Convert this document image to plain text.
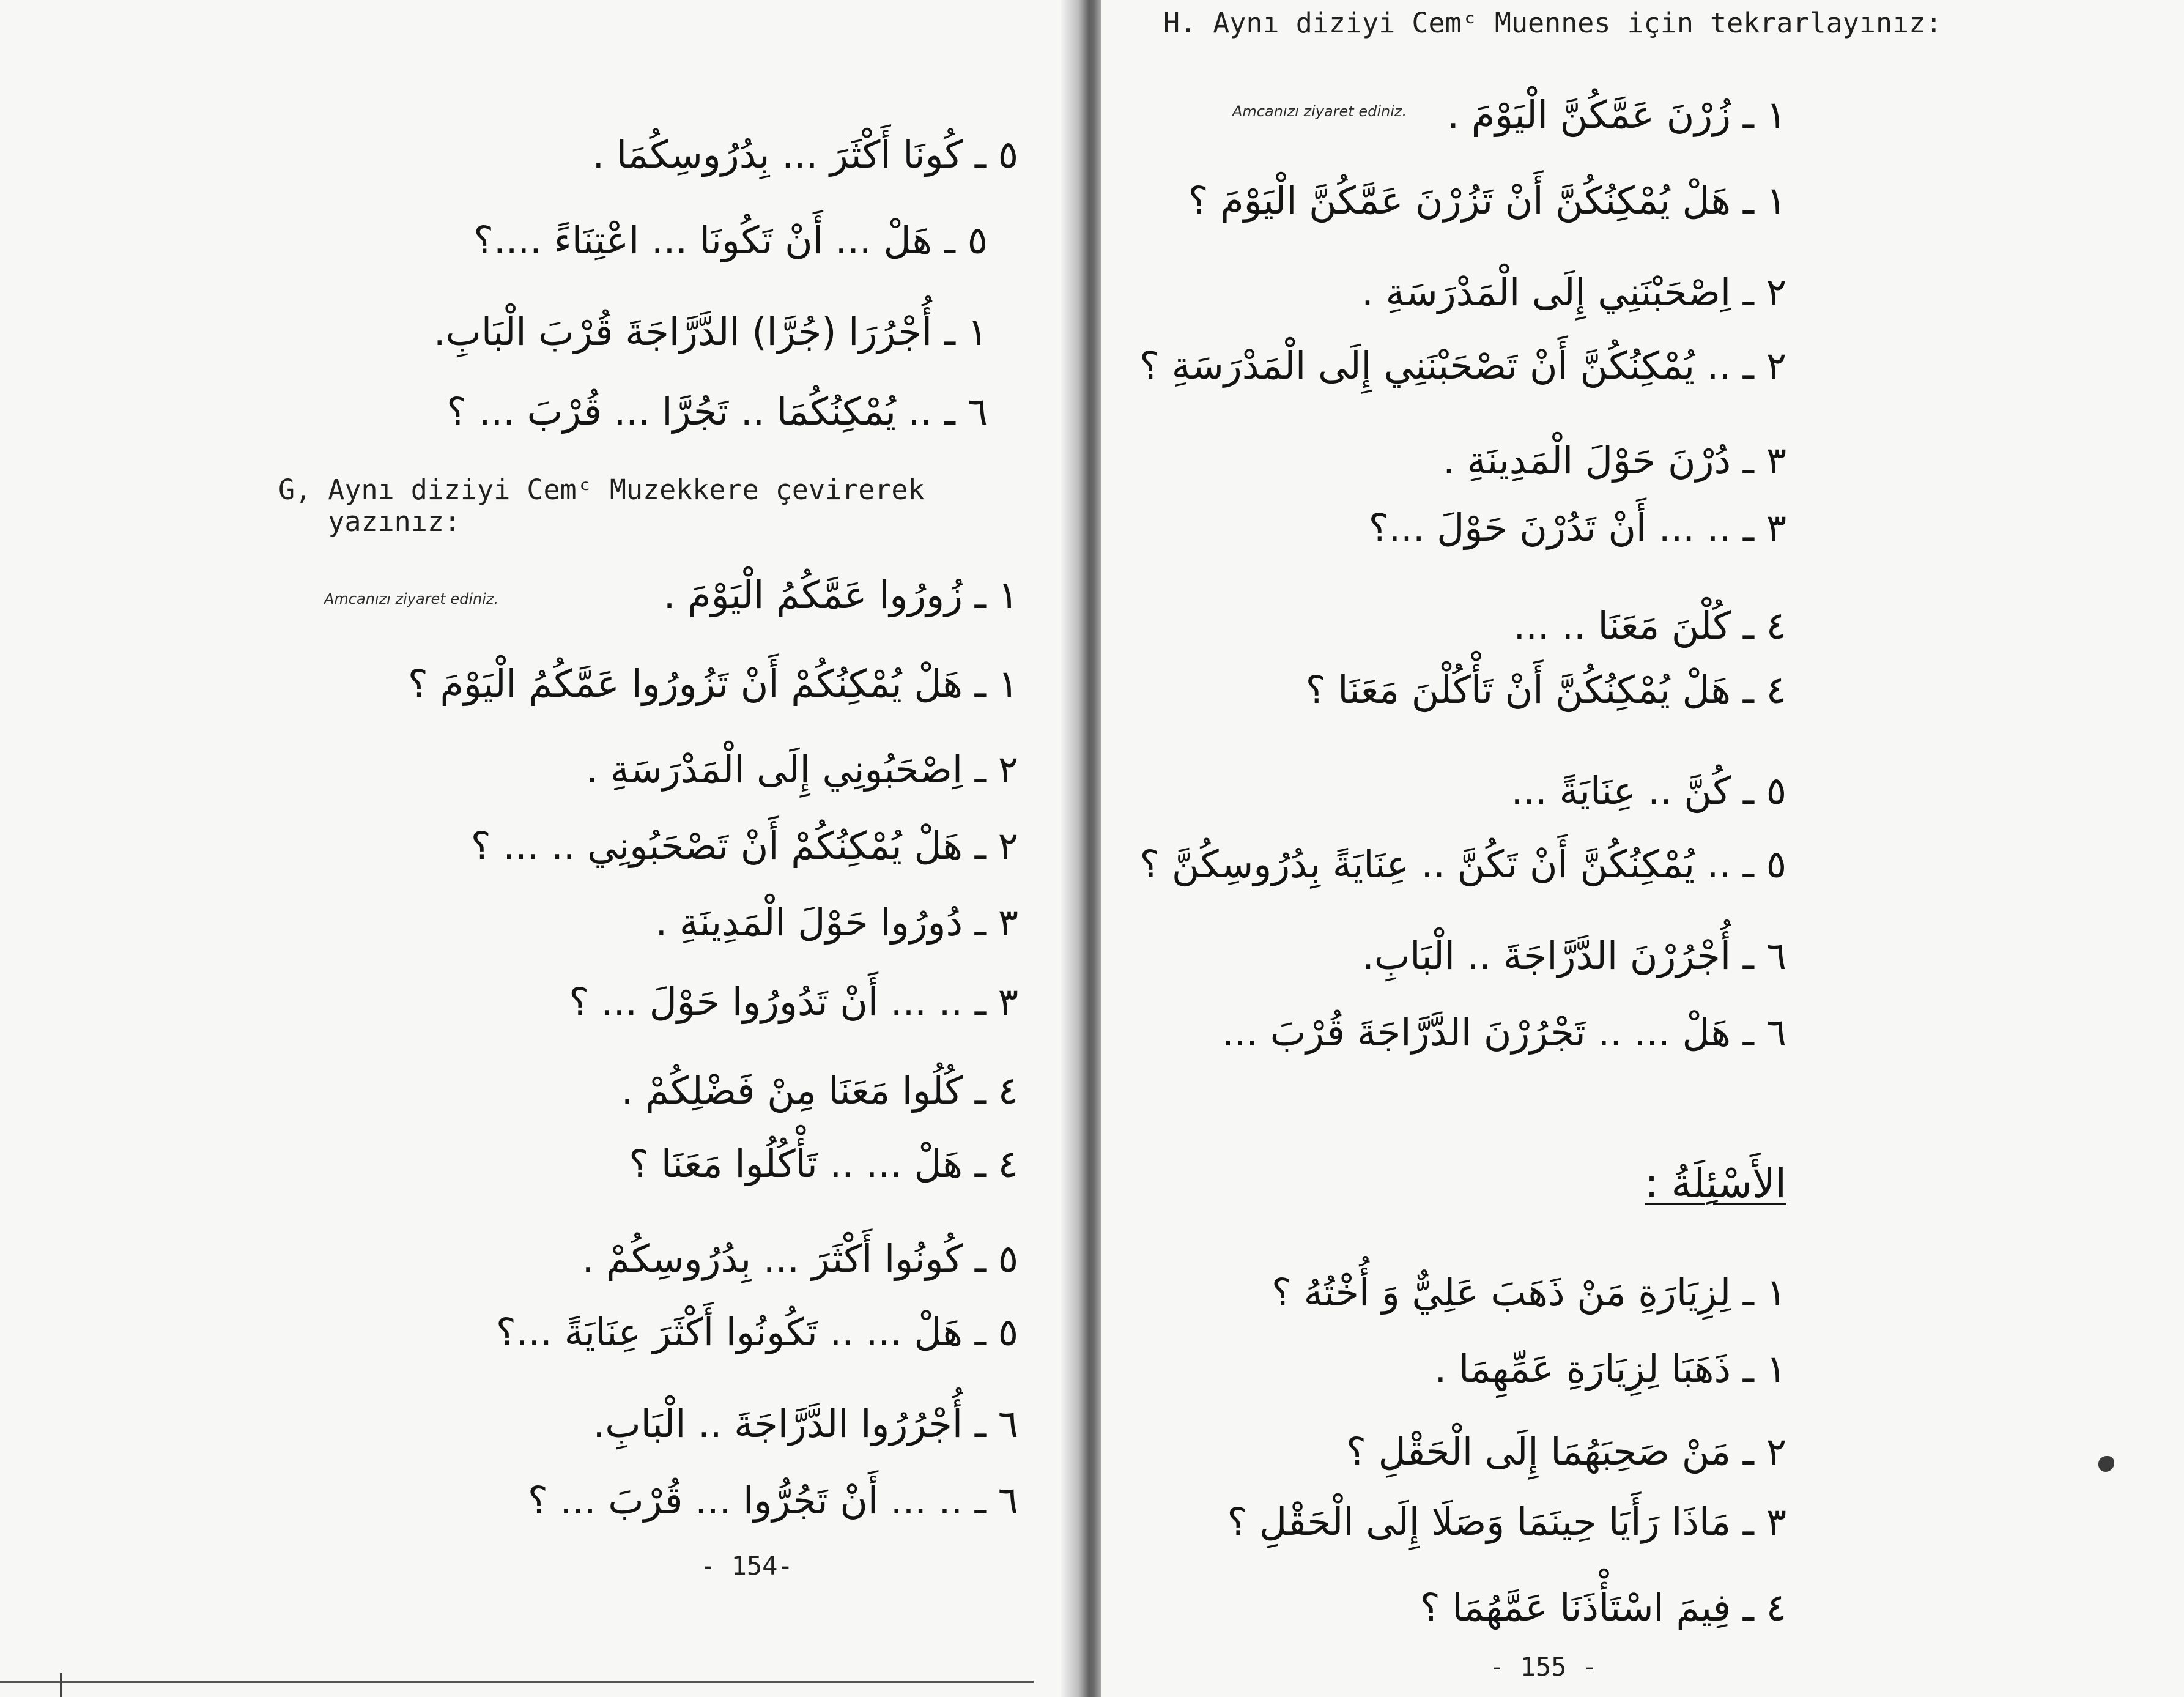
٥ ـ كُونَا أَكْثَرَ ... بِدُرُوسِكُمَا .
٥ ـ هَلْ ... أَنْ تَكُونَا ... اعْتِنَاءً ....؟
١ ـ أُجْرُرَا (جُرَّا) الدَّرَّاجَةَ قُرْبَ الْبَابِ.
٦ ـ .. يُمْكِنُكُمَا .. تَجُرَّا ... قُرْبَ ... ؟
G, Aynı diziyi Cemᶜ Muzekkere çevirerek
yazınız:
Amcanızı ziyaret ediniz.	١ ـ زُورُوا عَمَّكُمُ الْيَوْمَ .
١ ـ هَلْ يُمْكِنُكُمْ أَنْ تَزُورُوا عَمَّكُمُ الْيَوْمَ ؟
٢ ـ اِصْحَبُونِي إِلَى الْمَدْرَسَةِ .
٢ ـ هَلْ يُمْكِنُكُمْ أَنْ تَصْحَبُونِي .. ... ؟
٣ ـ دُورُوا حَوْلَ الْمَدِينَةِ .
٣ ـ .. ... أَنْ تَدُورُوا حَوْلَ ... ؟
٤ ـ كُلُوا مَعَنَا مِنْ فَضْلِكُمْ .
٤ ـ هَلْ ... .. تَأْكُلُوا مَعَنَا ؟
٥ ـ كُونُوا أَكْثَرَ ... بِدُرُوسِكُمْ .
٥ ـ هَلْ ... .. تَكُونُوا أَكْثَرَ عِنَايَةً ...؟
٦ ـ أُجْرُرُوا الدَّرَّاجَةَ .. الْبَابِ.
٦ ـ .. ... أَنْ تَجُرُّوا ... قُرْبَ ... ؟
- 154-
H. Aynı diziyi Cemᶜ Muennes için tekrarlayınız:
Amcanızı ziyaret ediniz. ١ ـ زُرْنَ عَمَّكُنَّ الْيَوْمَ .
١ ـ هَلْ يُمْكِنُكُنَّ أَنْ تَزُرْنَ عَمَّكُنَّ الْيَوْمَ ؟
٢ ـ اِصْحَبْنَنِي إِلَى الْمَدْرَسَةِ .
٢ ـ .. يُمْكِنُكُنَّ أَنْ تَصْحَبْنَنِي إِلَى الْمَدْرَسَةِ ؟
٣ ـ دُرْنَ حَوْلَ الْمَدِينَةِ .
٣ ـ .. ... أَنْ تَدُرْنَ حَوْلَ ...؟
٤ ـ كُلْنَ مَعَنَا .. ...
٤ ـ هَلْ يُمْكِنُكُنَّ أَنْ تَأْكُلْنَ مَعَنَا ؟
٥ ـ كُنَّ .. عِنَايَةً ...
٥ ـ .. يُمْكِنُكُنَّ أَنْ تَكُنَّ .. عِنَايَةً بِدُرُوسِكُنَّ ؟
٦ ـ أُجْرُرْنَ الدَّرَّاجَةَ .. الْبَابِ.
٦ ـ هَلْ ... .. تَجْرُرْنَ الدَّرَّاجَةَ قُرْبَ ...
الأَسْئِلَةُ :
١ ـ لِزِيَارَةِ مَنْ ذَهَبَ عَلِيٌّ وَ أُخْتُهُ ؟
١ ـ ذَهَبَا لِزِيَارَةِ عَمِّهِمَا .
٢ ـ مَنْ صَحِبَهُمَا إِلَى الْحَقْلِ ؟
٣ ـ مَاذَا رَأَيَا حِينَمَا وَصَلَا إِلَى الْحَقْلِ ؟
٤ ـ فِيمَ اسْتَأْذَنَا عَمَّهُمَا ؟
- 155 -
